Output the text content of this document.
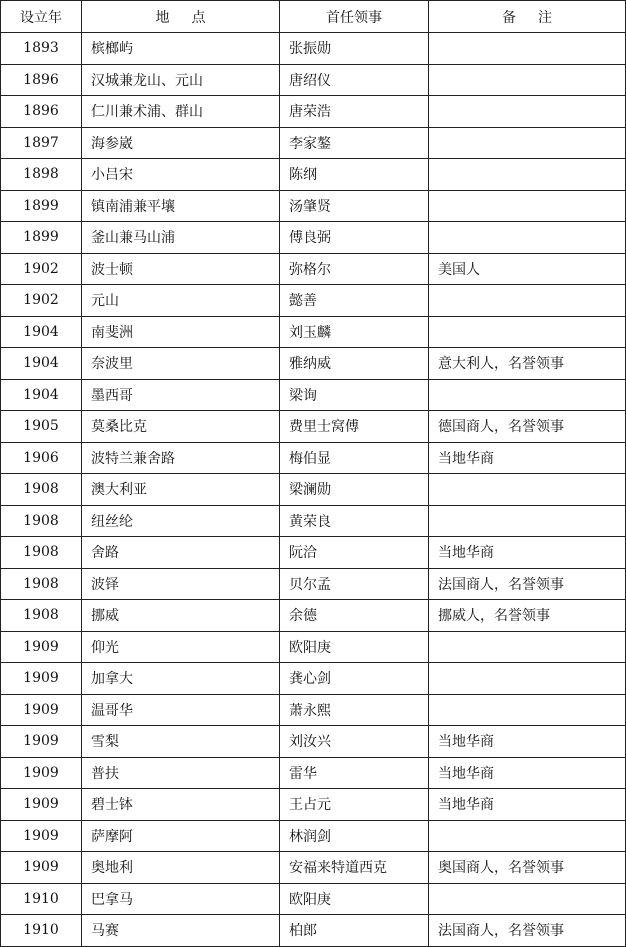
设立年	地点	首任领事	备注
1893	槟榔屿	张振勋	
1896	汉城兼龙山、元山	唐绍仪	
1896	仁川兼术浦、群山	唐荣浩	
1897	海参崴	李家鏊	
1898	小吕宋	陈纲	
1899	镇南浦兼平壤	汤肇贤	
1899	釜山兼马山浦	傅良弼	
1902	波士顿	弥格尔	美国人
1902	元山	懿善	
1904	南斐洲	刘玉麟	
1904	奈波里	雅纳威	意大利人，名誉领事
1904	墨西哥	梁询	
1905	莫桑比克	费里士窝傅	德国商人，名誉领事
1906	波特兰兼舍路	梅伯显	当地华商
1908	澳大利亚	梁澜勋	
1908	纽丝纶	黄荣良	
1908	舍路	阮洽	当地华商
1908	波铎	贝尔孟	法国商人，名誉领事
1908	挪威	余德	挪威人，名誉领事
1909	仰光	欧阳庚	
1909	加拿大	龚心剑	
1909	温哥华	萧永熙	
1909	雪梨	刘汝兴	当地华商
1909	普扶	雷华	当地华商
1909	碧士钵	王占元	当地华商
1909	萨摩阿	林润剑	
1909	奥地利	安福来特道西克	奥国商人，名誉领事
1910	巴拿马	欧阳庚	
1910	马赛	柏郎	法国商人，名誉领事
